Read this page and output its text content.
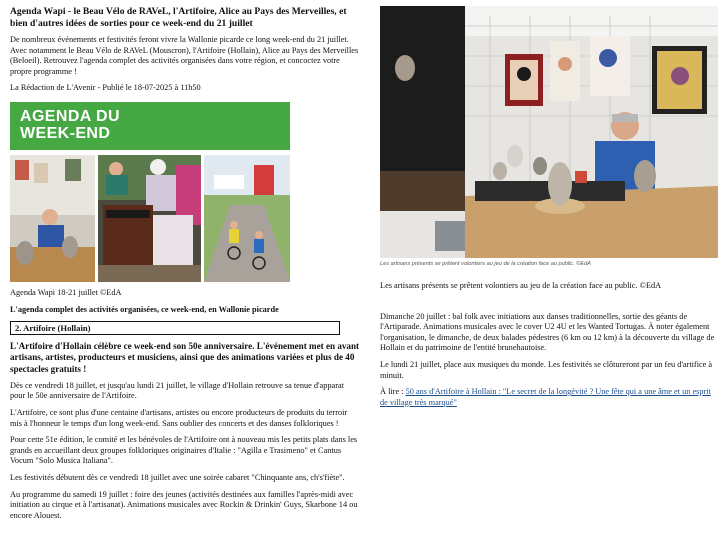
Agenda Wapi - le Beau Vélo de RAVeL, l'Artifoire, Alice au Pays des Merveilles, et bien d'autres idées de sorties pour ce week-end du 21 juillet

De nombreux événements et festivités feront vivre la Wallonie picarde ce long week-end du 21 juillet. Avec notamment le Beau Vélo de RAVeL (Mouscron), l'Artifoire (Hollain), Alice au Pays des Merveilles (Beloeil). Retrouvez l'agenda complet des activités organisées dans votre région, et concoctez votre propre programme !

La Rédaction de L'Avenir - Publié le 18-07-2025 à 11h50

AGENDA DU
WEEK-END

Agenda Wapi 18-21 juillet ©EdA

L'agenda complet des activités organisées, ce week-end, en Wallonie picarde

2. Artifoire (Hollain)

L'Artifoire d'Hollain célèbre ce week-end son 50e anniversaire. L'événement met en avant artisans, artistes, producteurs et musiciens, ainsi que des animations variées et plus de 40 spectacles gratuits !

Dès ce vendredi 18 juillet, et jusqu'au lundi 21 juillet, le village d'Hollain retrouve sa tenue d'apparat pour le 50e anniversaire de l'Artifoire.

L'Artifoire, ce sont plus d'une centaine d'artisans, artistes ou encore producteurs de produits du terroir mis à l'honneur le temps d'un long week-end. Sans oublier des concerts et des danses folkloriques !

Pour cette 51e édition, le comité et les bénévoles de l'Artifoire ont à nouveau mis les petits plats dans les grands en accueillant deux groupes folkloriques originaires d'Italie : "Agilla e Trasimeno" et Cantus Vocum "Solo Musica Italiana".

Les festivités débutent dès ce vendredi 18 juillet avec une soirée cabaret "Chinquante ans, ch's'fiète".

Au programme du samedi 19 juillet : foire des jeunes (activités destinées aux familles l'après-midi avec initiation au cirque et à l'artisanat). Animations musicales avec Rockin & Drinkin' Guys, Skarbone 14 ou encore Alouest.

Les artisans présents se prêtent volontiers au jeu de la création face au public. ©EdA

Les artisans présents se prêtent volontiers au jeu de la création face au public. ©EdA

Dimanche 20 juillet : bal folk avec initiations aux danses traditionnelles, sortie des géants de l'Artiparade. Animations musicales avec le cover U2 4U et les Wanted Tortugas. À noter également l'organisation, le dimanche, de deux balades pédestres (6 km ou 12 km) à la découverte du village de Hollain et du patrimoine de l'entité brunehautoise.

Le lundi 21 juillet, place aux musiques du monde. Les festivités se clôtureront par un feu d'artifice à minuit.

À lire : 50 ans d'Artifoire à Hollain : "Le secret de la longévité ? Une fête qui a une âme et un esprit de village très marqué"
